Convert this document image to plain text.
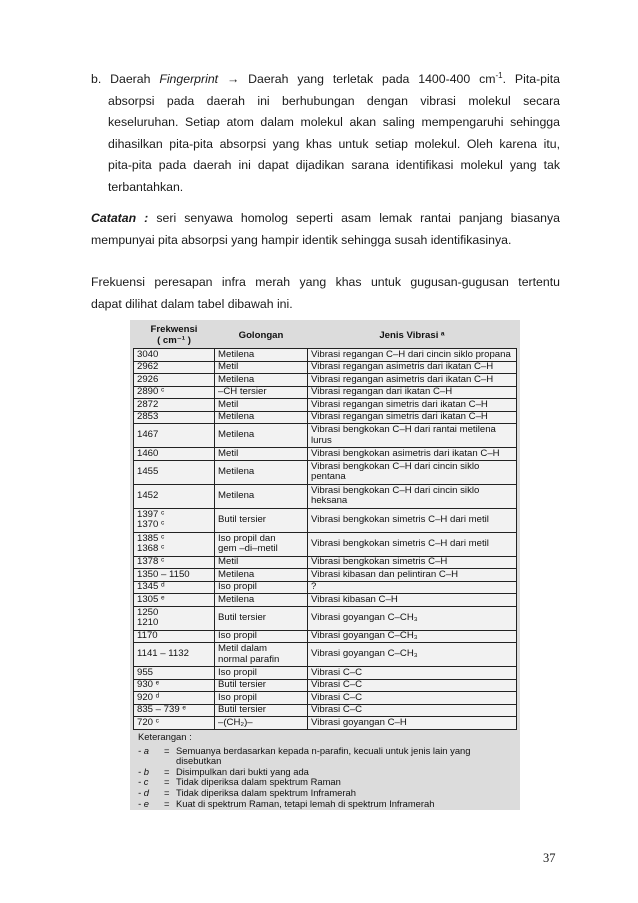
b. Daerah Fingerprint → Daerah yang terletak pada 1400-400 $cm^{-1}$. Pita-pita
absorpsi pada daerah ini berhubungan dengan vibrasi molekul secara
keseluruhan. Setiap atom dalam molekul akan saling mempengaruhi sehingga
dihasilkan pita-pita absorpsi yang khas untuk setiap molekul. Oleh karena itu,
pita-pita pada daerah ini dapat dijadikan sarana identifikasi molekul yang tak
terbantahkan.
Catatan : seri senyawa homolog seperti asam lemak rantai panjang biasanya
mempunyai pita absorpsi yang hampir identik sehingga susah identifikasinya.
Frekuensi peresapan infra merah yang khas untuk gugusan-gugusan tertentu
dapat dilihat dalam tabel dibawah ini.
Frekwensi
( cm⁻¹ )	Golongan	Jenis Vibrasi ᵃ

3040	Metilena	Vibrasi regangan C–H dari cincin siklo propana

2962	Metil	Vibrasi regangan asimetris dari ikatan C–H

2926	Metilena	Vibrasi regangan asimetris dari ikatan C–H

2890 ᶜ	–CH tersier	Vibrasi regangan dari ikatan C–H

2872	Metil	Vibrasi regangan simetris dari ikatan C–H

2853	Metilena	Vibrasi regangan simetris dari ikatan C–H

1467	Metilena	Vibrasi bengkokan C–H dari rantai metilena
lurus

1460	Metil	Vibrasi bengkokan asimetris dari ikatan C–H

1455	Metilena	Vibrasi bengkokan C–H dari cincin siklo
pentana

1452	Metilena	Vibrasi bengkokan C–H dari cincin siklo
heksana

1397 ᶜ
1370 ᶜ	Butil tersier	Vibrasi bengkokan simetris C–H dari metil

1385 ᶜ
1368 ᶜ	Iso propil dan
gem –di–metil	Vibrasi bengkokan simetris C–H dari metil

1378 ᶜ	Metil	Vibrasi bengkokan simetris C–H

1350 – 1150	Metilena	Vibrasi kibasan dan pelintiran C–H

1345 ᵈ	Iso propil	?

1305 ᵉ	Metilena	Vibrasi kibasan C–H

1250
1210	Butil tersier	Vibrasi goyangan C–CH₃

1170	Iso propil	Vibrasi goyangan C–CH₃

1141 – 1132	Metil dalam
normal parafin	Vibrasi goyangan C–CH₃

955	Iso propil	Vibrasi C–C

930 ᵉ	Butil tersier	Vibrasi C–C

920 ᵈ	Iso propil	Vibrasi C–C

835 – 739 ᵉ	Butil tersier	Vibrasi C–C

720 ᶜ	–(CH₂)–	Vibrasi goyangan C–H
Keterangan :
- a	= Semuanya berdasarkan kepada n-parafin, kecuali untuk jenis lain yang
disebutkan
- b	= Disimpulkan dari bukti yang ada
- c	= Tidak diperiksa dalam spektrum Raman
- d	= Tidak diperiksa dalam spektrum Inframerah
- e	= Kuat di spektrum Raman, tetapi lemah di spektrum Inframerah
37
